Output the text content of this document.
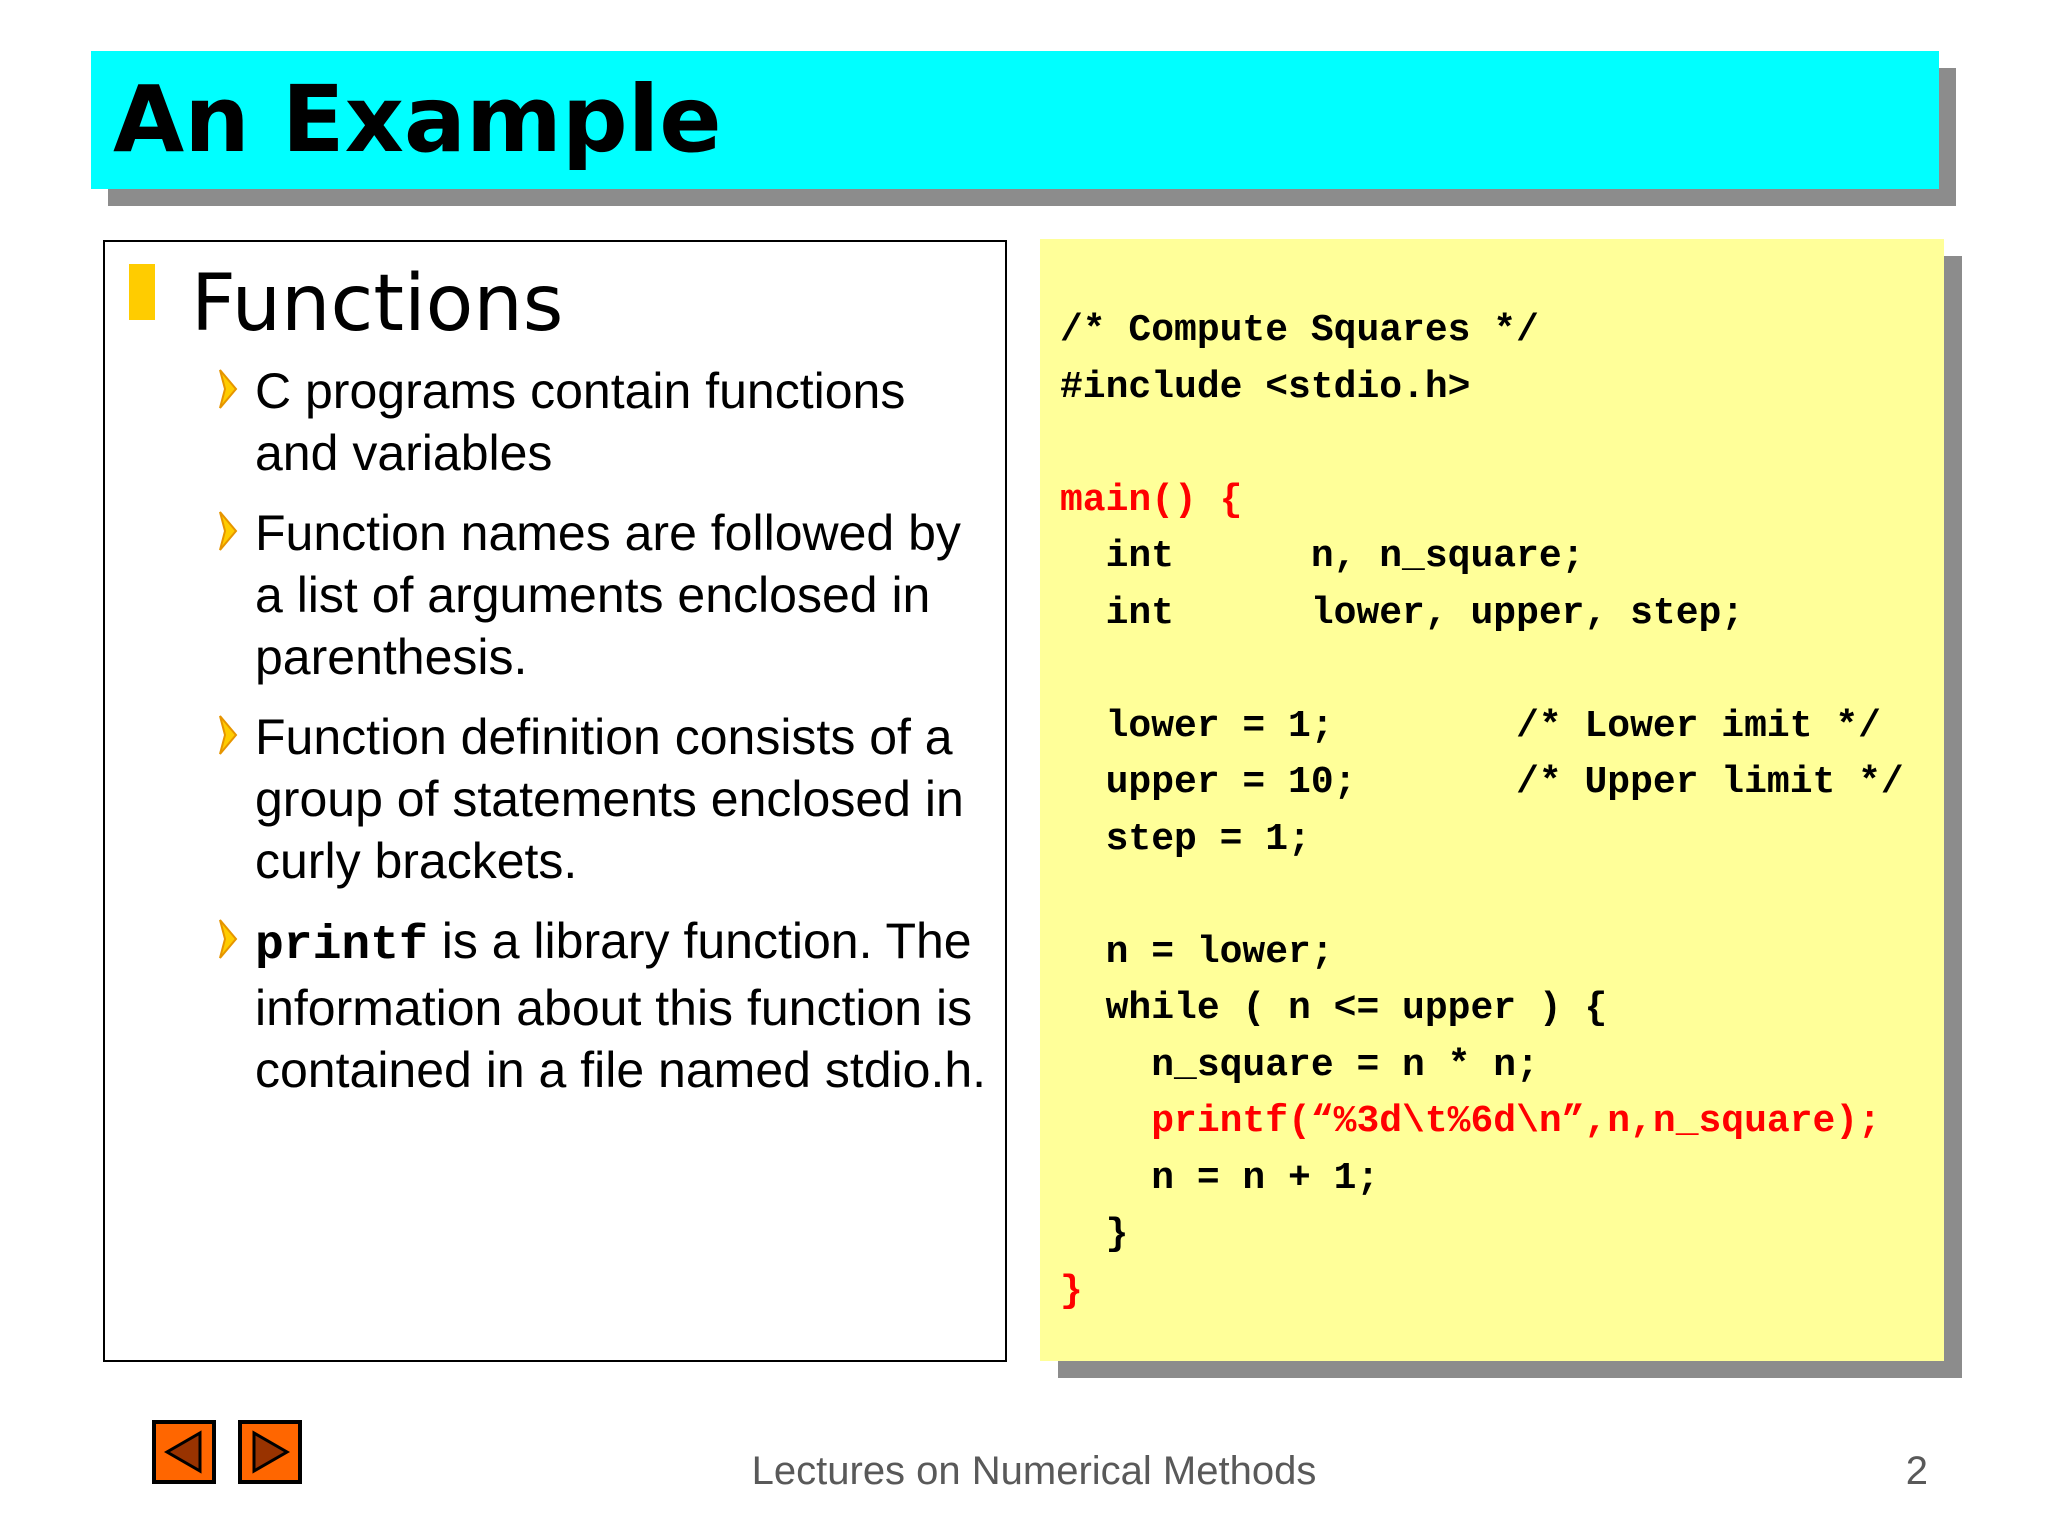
An Example
Functions
C programs contain functions and variables
Function names are followed by a list of arguments enclosed in parenthesis.
Function definition consists of a group of statements enclosed in curly brackets.
printf is a library function. The information about this function is contained in a file named stdio.h.
/* Compute Squares */
#include <stdio.h>

main() {
int      n, n_square;
int      lower, upper, step;

lower = 1;        /* Lower imit */
upper = 10;       /* Upper limit */
step = 1;

n = lower;
while ( n <= upper ) {
n_square = n * n;
printf(“%3d\t%6d\n”,n,n_square);
n = n + 1;
}
}
Lectures on Numerical Methods	2
